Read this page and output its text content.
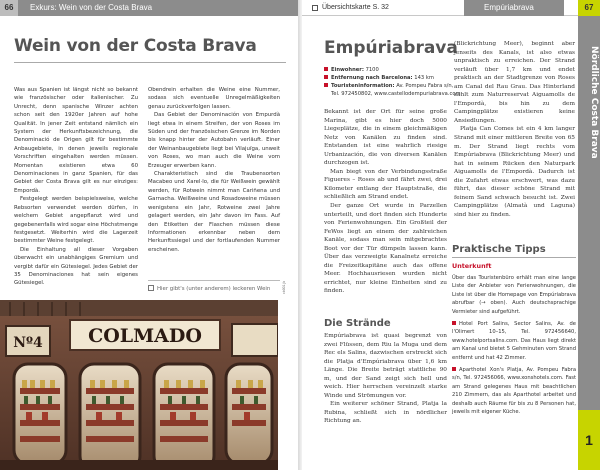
66	Exkurs: Wein von der Costa Brava
Wein von der Costa Brava

Was aus Spanien ist längst nicht so bekannt wie französischer oder italienischer. Zu Unrecht, denn spanische Winzer achten schon seit den 1920er Jahren auf hohe Qualität. In jener Zeit entstand nämlich ein System der Herkunftsbezeichnung, die Denominació de Origen gilt für bestimmte Anbaugebiete, in denen jeweils regionale Vorschriften eingehalten werden müssen. Momentan existieren etwa 60 Denominaciones in ganz Spanien, für das Gebiet der Costa Brava gilt es nur einziges: Empordà.

Festgelegt werden beispielsweise, welche Rebsorten verwendet werden dürfen, in welchem Gebiet angepflanzt wird und gegebenenfalls wird sogar eine Höchstmenge festgesetzt. Weiterhin wird die Lagerzeit bestimmter Weine festgelegt.

Die Einhaltung all dieser Vorgaben überwacht ein unabhängiges Gremium und vergibt dafür ein Gütesiegel. Jedes Gebiet der 35 Denominaciones hat sein eigenes Gütesiegel.

Obendrein erhalten die Weine eine Nummer, sodass sich eventuelle Unregelmäßigkeiten genau zurückverfolgen lassen.

Das Gebiet der Denominación von Empurdà liegt etwa in einem Streifen, der von Roses im Süden und der französischen Grenze im Norden bis knapp hinter der Autobahn verläuft. Einer der Weinanbaugebiete liegt bei Vilajuïga, unweit von Roses, wo man auch die Weine vom Erzeuger erwerben kann.

Charakteristisch sind die Traubensorten Macabeo und Xarel·lo, die für Weißwein gewählt werden, für Rotwein nimmt man Cariñena und Garnacha. Weißweine und Rosadoweine müssen wenigstens ein Jahr, Rotweine zwei Jahre gelagert werden, ein Jahr davon im Fass. Auf den Etiketten der Flaschen müssen diese Informationen erkennbar neben dem Herkunftssiegel und der fortlaufenden Nummer erscheinen.

Hier gibt's (unter anderem) leckeren Wein	cb001 jk
COLMADO
Nº4
Übersichtskarte S. 32	Empúriabrava	67
Nördliche Costa Brava
1
Empúriabrava
Einwohner: 7100
Entfernung nach Barcelona: 143 km
Touristeninformation: Av. Pompeu Fabra s/n,
Tel. 972450802, www.castellodempuriabrava.com

Bekannt ist der Ort für seine große Marina, gibt es hier doch 5000 Liegeplätze, die in einem gleichmäßigen Netz von Kanälen zu finden sind. Entstanden ist eine wahrlich riesige Urbanización, die von diversen Kanälen durchzogen ist.

Man biegt von der Verbindungsstraße Figueres – Roses ab und fährt zwei, drei Kilometer entlang der Hauptstraße, die schließlich am Strand endet.

Der ganze Ort wurde in Parzellen unterteilt, und dort finden sich Hunderte von Ferienwohnungen. Ein Großteil der FeWos liegt an einem der zahlreichen Kanäle, sodass man sein mitgebrachtes Boot vor der Tür dümpeln lassen kann. Über das verzweigte Kanalnetz erreiche die Freizeitkapitäne auch das offene Meer. Hochhausriesen wurden nicht errichtet, nur kleine Einheiten sind zu finden.

Die Strände

Empúriabrava ist quasi begrenzt von zwei Flüssen, dem Riu la Muga und dem Rec els Salins, dazwischen erstreckt sich die Platja d'Empúriabrava über 1,6 km Länge. Die Breite beträgt stattliche 90 m, und der Sand zeigt sich hell und weich. Hier herrschen vereinzelt starke Winde und Strömungen vor.

Ein weiterer schöner Strand, Platja la Rubina, schließt sich in nördlicher Richtung an.

(Blickrichtung Meer), beginnt aber jenseits des Kanals, ist also etwas unpraktisch zu erreichen. Der Strand verläuft über 1,7 km und endet praktisch an der Stadtgrenze von Roses am Canal del Rau Grau. Das Hinterland zählt zum Naturreservat Aiguamolls de l'Empordà, bis hin zu dem Campingplätze existieren keine Ansiedlungen.

Platja Can Comes ist ein 4 km langer Strand mit einer mittleren Breite von 65 m. Der Strand liegt rechts vom Empúriabrava (Blickrichtung Meer) und hat in seinem Rücken den Naturpark Aiguamolls de l'Empordà. Dadurch ist die Zufahrt etwas erschwert, was dazu führt, das dieser schöne Strand mit feinem Sand schwach besucht ist. Zwei Campingplätze (Almatà und Laguna) sind hier zu finden.

Praktische Tipps
Unterkunft

Über das Touristenbüro erhält man eine lange Liste der Anbieter von Ferienwohnungen, die Liste ist über die Homepage von Empúriabrava abrufbar (→ oben). Auch deutschsprachige Vermieter sind aufgeführt.

Hotel Port Salins, Sector Salins, Av. de l'Olimert 10–15, Tel. 972456640, www.hotelportsalins.com. Das Haus liegt direkt am Kanal und bietet 5 Gehminuten vom Strand entfernt und hat 42 Zimmer.

Aparthotel Xon's Platja, Av. Pompeu Fabra s/n, Tel. 972456066, www.xonshotels.com. Fast am Strand gelegenes Haus mit beachtlichen 210 Zimmern, das als Aparthotel arbeitet und deshalb auch Räume für bis zu 8 Personen hat, jeweils mit eigener Küche.
